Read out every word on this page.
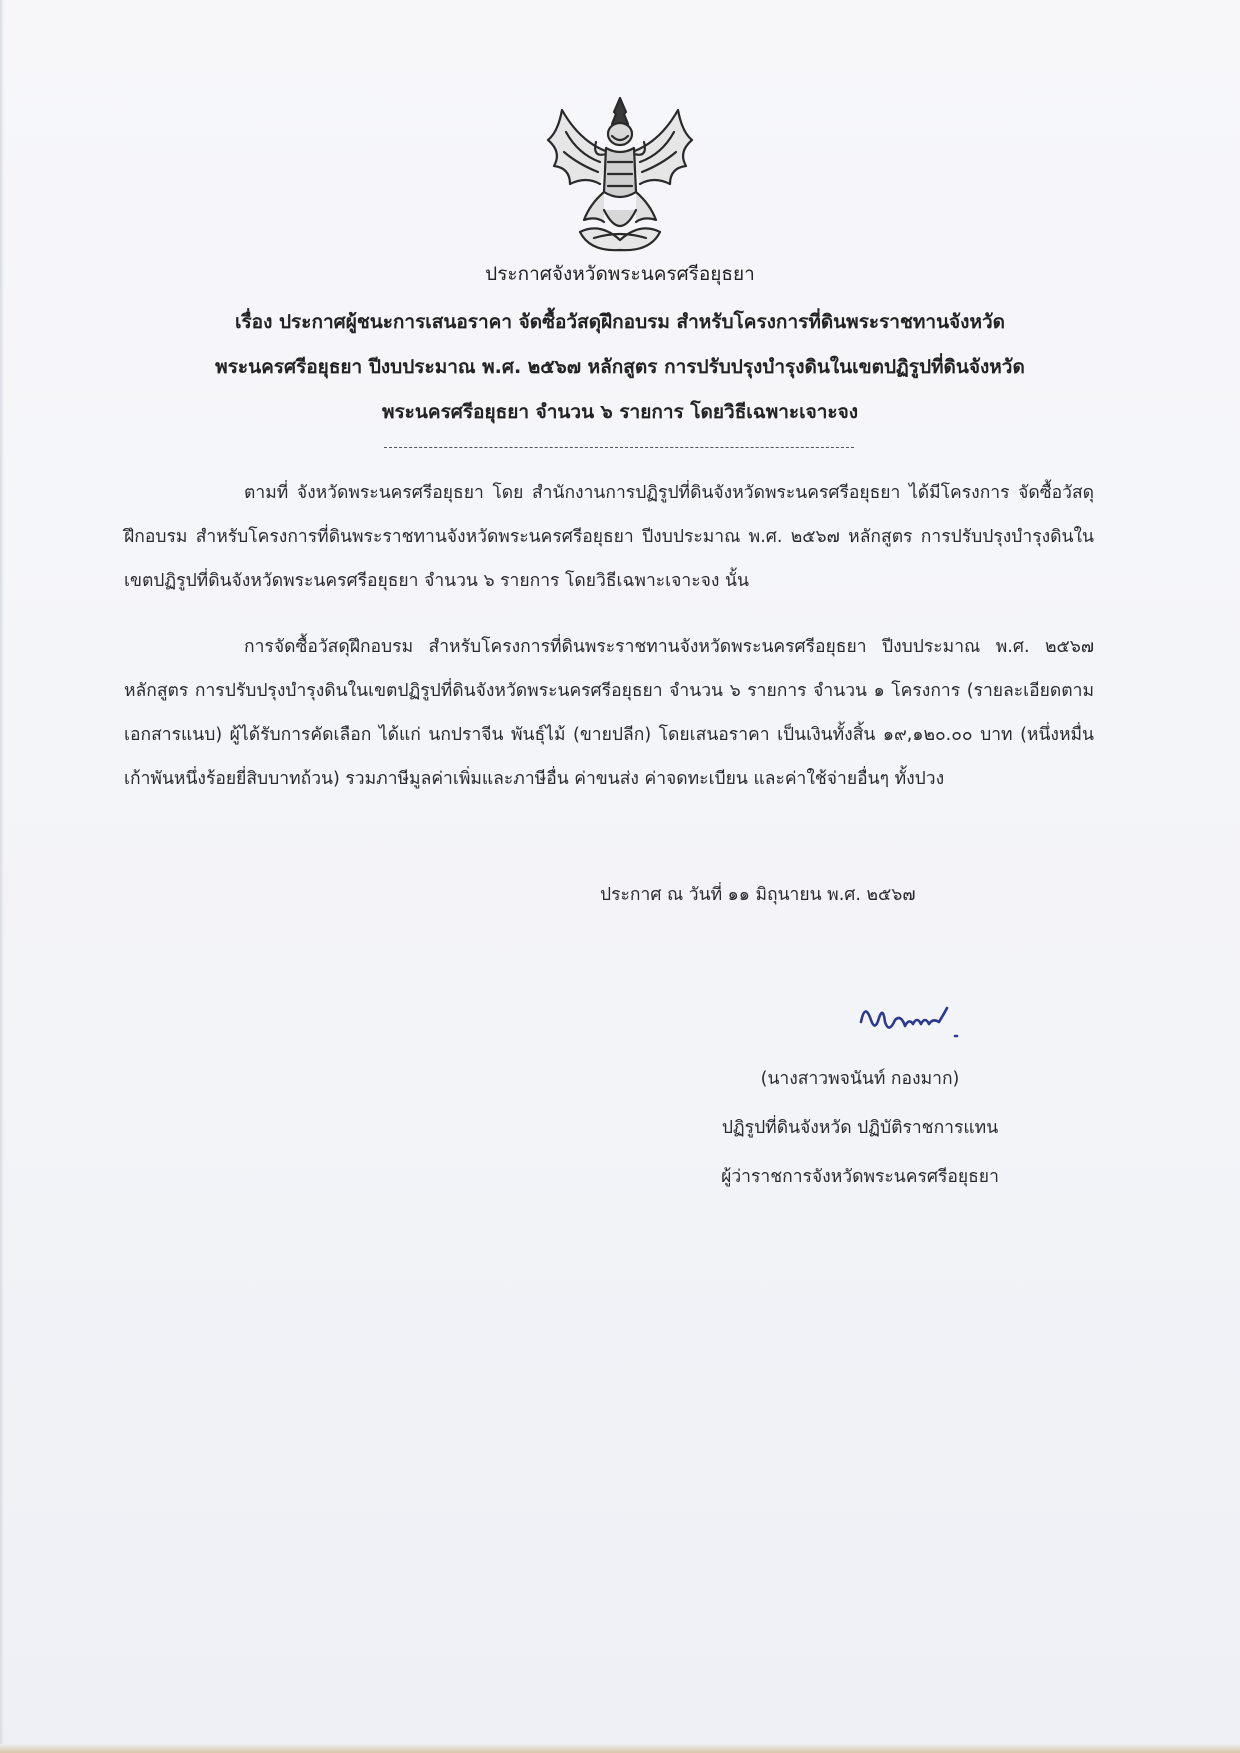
ประกาศจังหวัดพระนครศรีอยุธยา
เรื่อง ประกาศผู้ชนะการเสนอราคา จัดซื้อวัสดุฝึกอบรม สำหรับโครงการที่ดินพระราชทานจังหวัด
พระนครศรีอยุธยา ปีงบประมาณ พ.ศ. ๒๕๖๗ หลักสูตร การปรับปรุงบำรุงดินในเขตปฏิรูปที่ดินจังหวัด
พระนครศรีอยุธยา จำนวน ๖ รายการ โดยวิธีเฉพาะเจาะจง
ตามที่ จังหวัดพระนครศรีอยุธยา โดย สำนักงานการปฏิรูปที่ดินจังหวัดพระนครศรีอยุธยา ได้มีโครงการ จัดซื้อวัสดุฝึกอบรม สำหรับโครงการที่ดินพระราชทานจังหวัดพระนครศรีอยุธยา ปีงบประมาณ พ.ศ. ๒๕๖๗ หลักสูตร การปรับปรุงบำรุงดินในเขตปฏิรูปที่ดินจังหวัดพระนครศรีอยุธยา จำนวน ๖ รายการ โดยวิธีเฉพาะเจาะจง นั้น
การจัดซื้อวัสดุฝึกอบรม สำหรับโครงการที่ดินพระราชทานจังหวัดพระนครศรีอยุธยา ปีงบประมาณ พ.ศ. ๒๕๖๗ หลักสูตร การปรับปรุงบำรุงดินในเขตปฏิรูปที่ดินจังหวัดพระนครศรีอยุธยา จำนวน ๖ รายการ จำนวน ๑ โครงการ (รายละเอียดตามเอกสารแนบ) ผู้ได้รับการคัดเลือก ได้แก่ นกปราจีน พันธุ์ไม้ (ขายปลีก) โดยเสนอราคา เป็นเงินทั้งสิ้น ๑๙,๑๒๐.๐๐ บาท (หนึ่งหมื่นเก้าพันหนึ่งร้อยยี่สิบบาทถ้วน) รวมภาษีมูลค่าเพิ่มและภาษีอื่น ค่าขนส่ง ค่าจดทะเบียน และค่าใช้จ่ายอื่นๆ ทั้งปวง
ประกาศ ณ วันที่ ๑๑ มิถุนายน พ.ศ. ๒๕๖๗
(นางสาวพจนันท์ กองมาก)
ปฏิรูปที่ดินจังหวัด ปฏิบัติราชการแทน
ผู้ว่าราชการจังหวัดพระนครศรีอยุธยา
